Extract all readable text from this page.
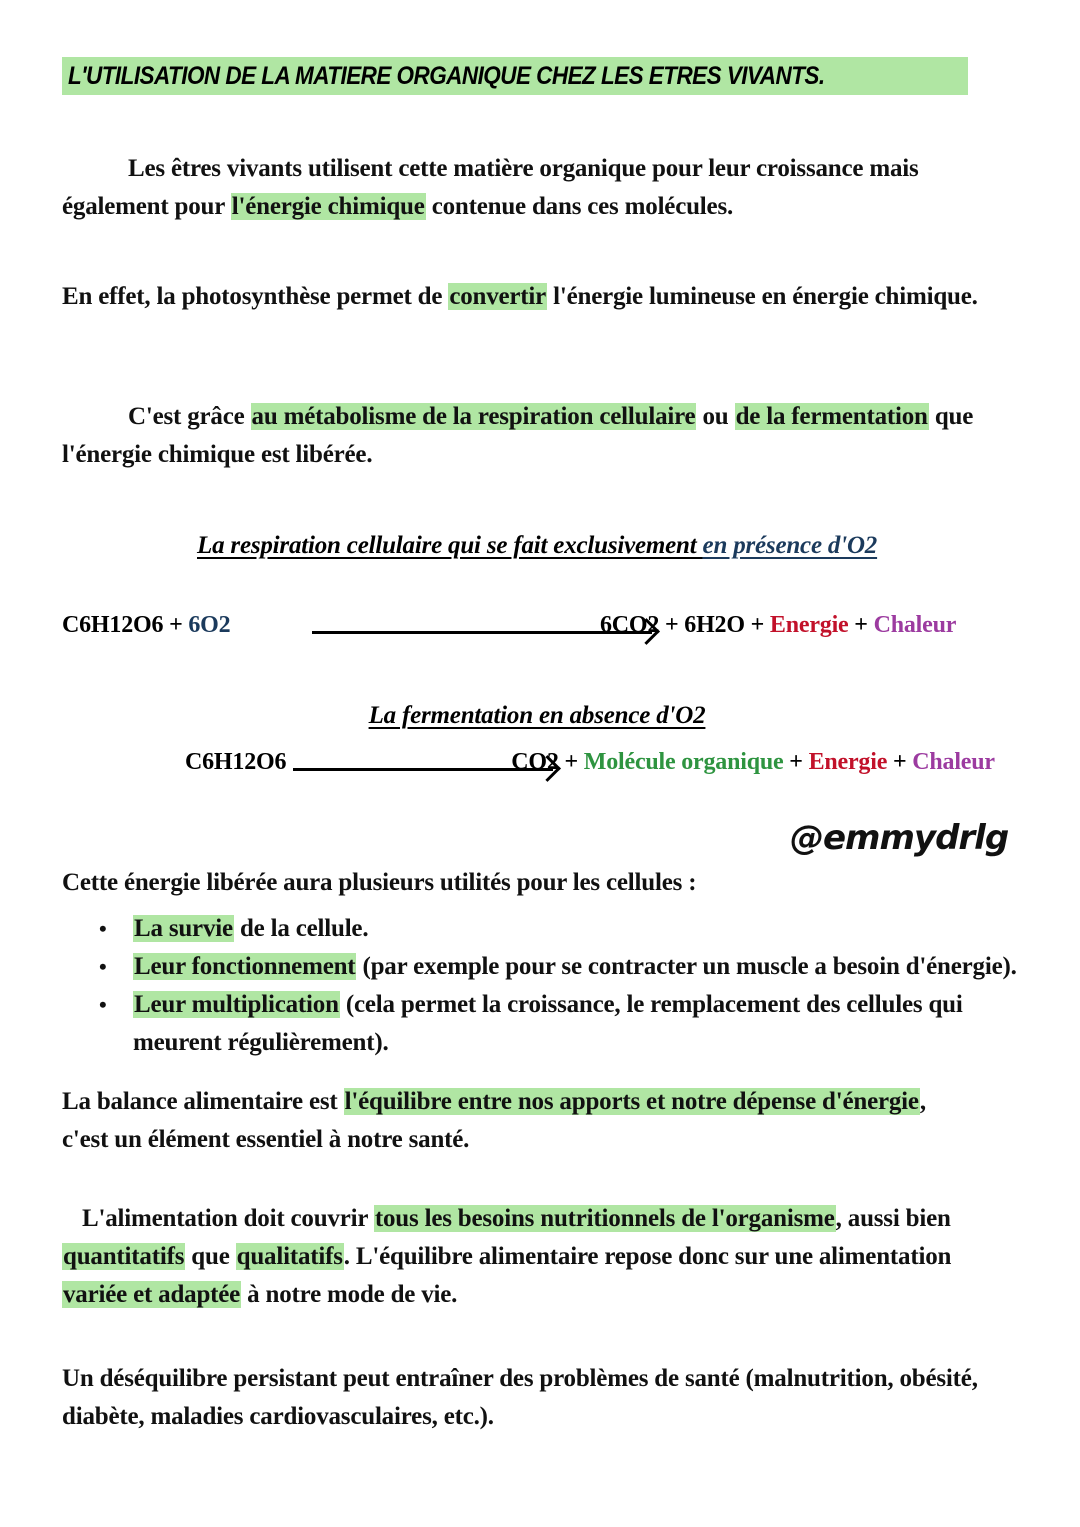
L'UTILISATION DE LA MATIERE ORGANIQUE CHEZ LES ETRES VIVANTS.
Les êtres vivants utilisent cette matière organique pour leur croissance mais également pour l'énergie chimique contenue dans ces molécules.
En effet, la photosynthèse permet de convertir l'énergie lumineuse en énergie chimique.
C'est grâce au métabolisme de la respiration cellulaire ou de la fermentation que l'énergie chimique est libérée.
La respiration cellulaire qui se fait exclusivement en présence d'O2
C6H12O6 + 6O2	6CO2 + 6H2O + Energie + Chaleur
La fermentation en absence d'O2
C6H12O6	CO2 + Molécule organique + Energie + Chaleur
@emmydrlg
Cette énergie libérée aura plusieurs utilités pour les cellules :
• La survie de la cellule.
• Leur fonctionnement (par exemple pour se contracter un muscle a besoin d'énergie).
• Leur multiplication (cela permet la croissance, le remplacement des cellules qui meurent régulièrement).
La balance alimentaire est l'équilibre entre nos apports et notre dépense d'énergie, c'est un élément essentiel à notre santé.
L'alimentation doit couvrir tous les besoins nutritionnels de l'organisme, aussi bien quantitatifs que qualitatifs. L'équilibre alimentaire repose donc sur une alimentation variée et adaptée à notre mode de vie.
Un déséquilibre persistant peut entraîner des problèmes de santé (malnutrition, obésité, diabète, maladies cardiovasculaires, etc.).
